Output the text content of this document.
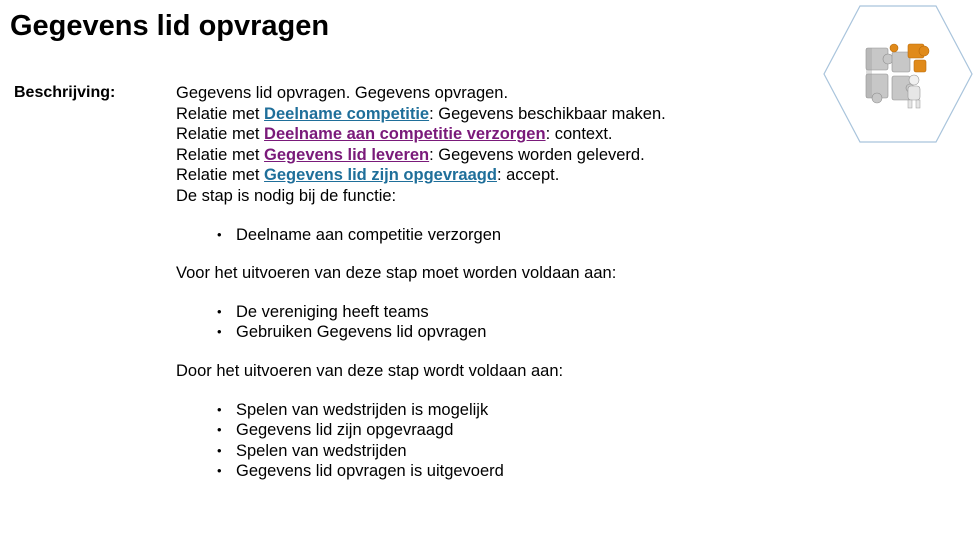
Gegevens lid opvragen
Beschrijving:	Gegevens lid opvragen. Gegevens opvragen.
Relatie met Deelname competitie: Gegevens beschikbaar maken.
Relatie met Deelname aan competitie verzorgen: context.
Relatie met Gegevens lid leveren: Gegevens worden geleverd.
Relatie met Gegevens lid zijn opgevraagd: accept.
De stap is nodig bij de functie:
• Deelname aan competitie verzorgen
Voor het uitvoeren van deze stap moet worden voldaan aan:
• De vereniging heeft teams
• Gebruiken Gegevens lid opvragen
Door het uitvoeren van deze stap wordt voldaan aan:
• Spelen van wedstrijden is mogelijk
• Gegevens lid zijn opgevraagd
• Spelen van wedstrijden
• Gegevens lid opvragen is uitgevoerd
